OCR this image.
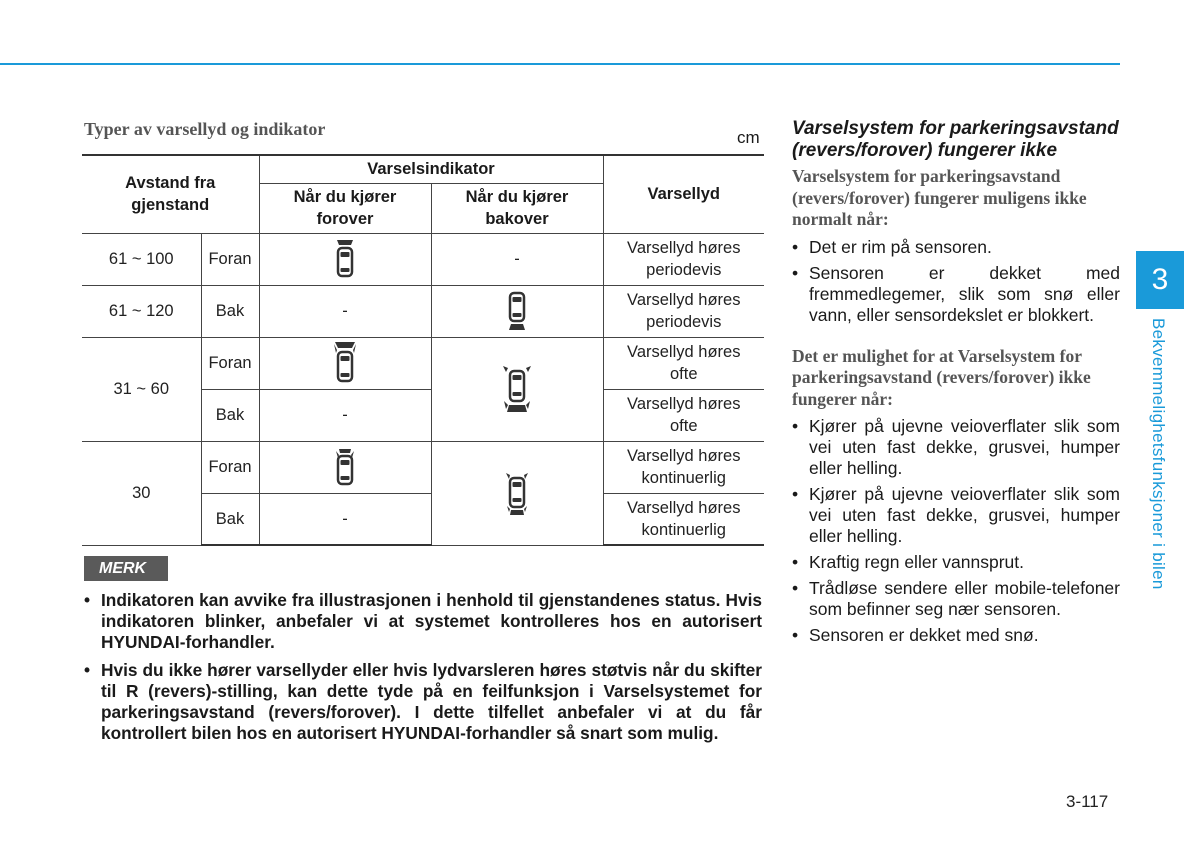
Typer av varsellyd og indikator	cm
Avstand fra gjenstand		Varselsindikator		Varsellyd
		Når du kjører forover	Når du kjører bakover	
61 ~ 100	Foran		-	Varsellyd høres periodevis
61 ~ 120	Bak	-		Varsellyd høres periodevis
31 ~ 60	Foran			Varsellyd høres ofte
	Bak	-		Varsellyd høres ofte
30	Foran			Varsellyd høres kontinuerlig
	Bak	-		Varsellyd høres kontinuerlig
MERK
• Indikatoren kan avvike fra illustrasjonen i henhold til gjenstandenes status. Hvis indikatoren blinker, anbefaler vi at systemet kontrolleres hos en autorisert HYUNDAI-forhandler.
• Hvis du ikke hører varsellyder eller hvis lydvarsleren høres støtvis når du skifter til R (revers)-stilling, kan dette tyde på en feilfunksjon i Varselsystemet for parkeringsavstand (revers/forover). I dette tilfellet anbefaler vi at du får kontrollert bilen hos en autorisert HYUNDAI-forhandler så snart som mulig.

Varselsystem for parkeringsavstand (revers/forover) fungerer ikke

Varselsystem for parkeringsavstand (revers/forover) fungerer muligens ikke normalt når:

• Det er rim på sensoren.
• Sensoren er dekket med fremmedlegemer, slik som snø eller vann, eller sensordekslet er blokkert.

Det er mulighet for at Varselsystem for parkeringsavstand (revers/forover) ikke fungerer når:

• Kjører på ujevne veioverflater slik som vei uten fast dekke, grusvei, humper eller helling.
• Kjører på ujevne veioverflater slik som vei uten fast dekke, grusvei, humper eller helling.
• Kraftig regn eller vannsprut.
• Trådløse sendere eller mobile-telefoner som befinner seg nær sensoren.
• Sensoren er dekket med snø.
3
Bekvemmelighetsfunksjoner i bilen
3-117
